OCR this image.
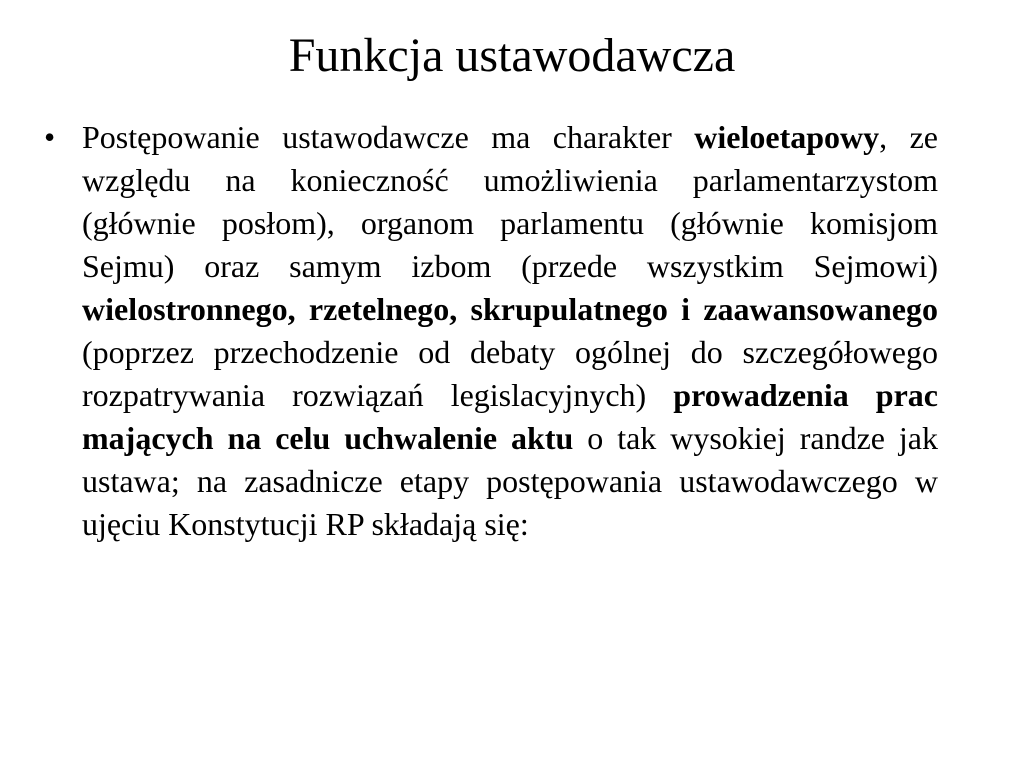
Funkcja ustawodawcza
• Postępowanie ustawodawcze ma charakter wieloetapowy, ze względu na konieczność umożliwienia parlamentarzystom (głównie posłom), organom parlamentu (głównie komisjom Sejmu) oraz samym izbom (przede wszystkim Sejmowi) wielostronnego, rzetelnego, skrupulatnego i zaawansowanego (poprzez przechodzenie od debaty ogólnej do szczegółowego rozpatrywania rozwiązań legislacyjnych) prowadzenia prac mających na celu uchwalenie aktu o tak wysokiej randze jak ustawa; na zasadnicze etapy postępowania ustawodawczego w ujęciu Konstytucji RP składają się:
